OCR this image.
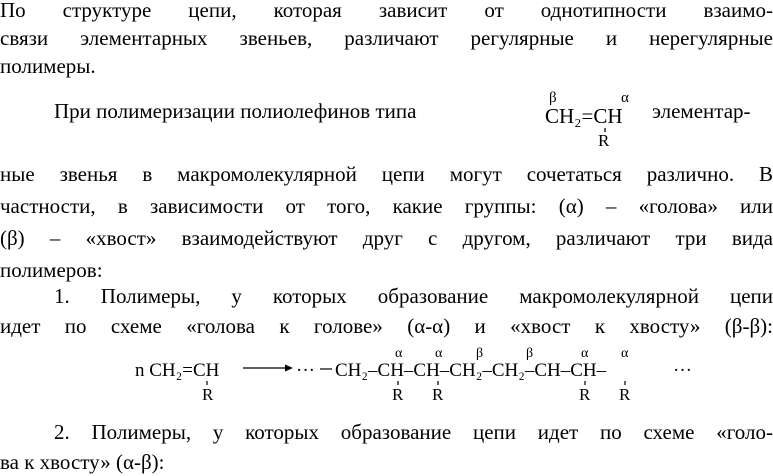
По структуре цепи, которая зависит от однотипности взаимо-
связи элементарных звеньев, различают регулярные и нерегулярные
полимеры.
При полимеризации полиолефинов типа	элементар-
β	α
CH₂=CH
R
ные звенья в макромолекулярной цепи могут сочетаться различно. В
частности, в зависимости от того, какие группы: (α) – «голова» или
(β) – «хвост» взаимодействуют друг с другом, различают три вида
полимеров:
1. Полимеры, у которых образование макромолекулярной цепи
идет по схеме «голова к голове» (α-α) и «хвост к хвосту» (β-β):
n CH₂=CH
R
··· CH₂–CH–CH–CH₂–CH₂–CH–CH–	···
α α β	β	α α
R R	R R
2. Полимеры, у которых образование цепи идет по схеме «голо-
ва к хвосту» (α-β):
